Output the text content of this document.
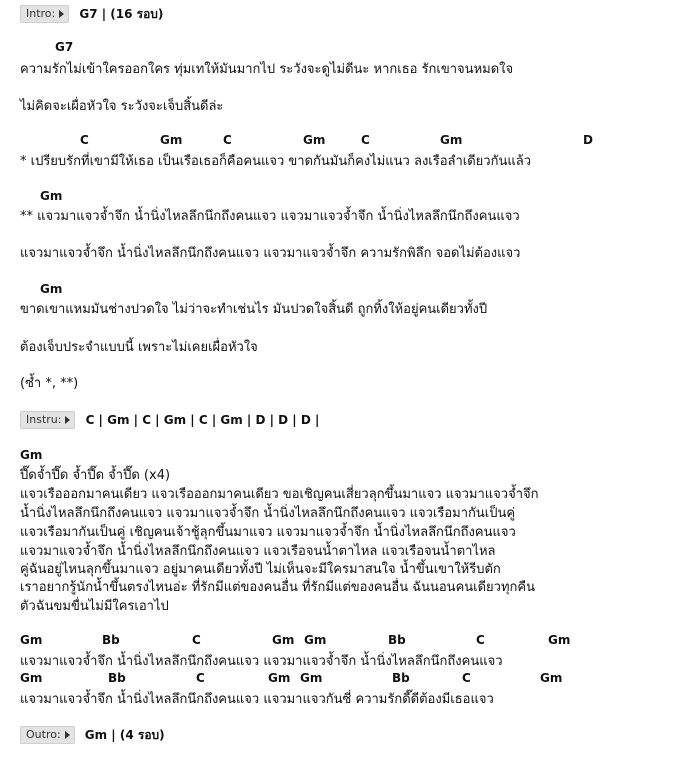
Intro: G7 | (16 รอบ)
G7
ความรักไม่เข้าใครออกใคร ทุ่มเทให้มันมากไป ระวังจะดูไม่ดีนะ หากเธอ รักเขาจนหมดใจ
ไม่คิดจะเผื่อหัวใจ ระวังจะเจ็บสิ้นดีล่ะ
C	Gm	C	Gm	C	Gm	D
* เปรียบรักที่เขามีให้เธอ เป็นเรือเธอก็คือคนแจว ขาดกันมันก็คงไม่แนว ลงเรือลำเดียวกันแล้ว
Gm
** แจวมาแจวจ้ำจึก น้ำนิ่งไหลลึกนึกถึงคนแจว แจวมาแจวจ้ำจึก น้ำนิ่งไหลลึกนึกถึงคนแจว
แจวมาแจวจ้ำจึก น้ำนิ่งไหลลึกนึกถึงคนแจว แจวมาแจวจ้ำจึก ความรักพิลึก จอดไม่ต้องแจว
Gm
ขาดเขาแหมมันช่างปวดใจ ไม่ว่าจะทำเช่นไร มันปวดใจสิ้นดี ถูกทิ้งให้อยู่คนเดียวทั้งปี
ต้องเจ็บประจำแบบนี้ เพราะไม่เคยเผื่อหัวใจ
(ซ้ำ *, **)
Instru: C | Gm | C | Gm | C | Gm | D | D | D |
Gm
ปึ๊ดจ้ำปึ๊ด จ้ำปึ๊ด จ้ำปึ๊ด (x4)
แจวเรือออกมาคนเดียว แจวเรือออกมาคนเดียว ขอเชิญคนเสี่ยวลุกขึ้นมาแจว แจวมาแจวจ้ำจึก
น้ำนิ่งไหลลึกนึกถึงคนแจว แจวมาแจวจ้ำจึก น้ำนิ่งไหลลึกนึกถึงคนแจว แจวเรือมากันเป็นคู่
แจวเรือมากันเป็นคู่ เชิญคนเจ้าชู้ลุกขึ้นมาแจว แจวมาแจวจ้ำจึก น้ำนิ่งไหลลึกนึกถึงคนแจว
แจวมาแจวจ้ำจึก น้ำนิ่งไหลลึกนึกถึงคนแจว แจวเรือจนน้ำตาไหล แจวเรือจนน้ำตาไหล
คู่ฉันอยู่ไหนลุกขึ้นมาแจว อยู่มาคนเดียวทั้งปี ไม่เห็นจะมีใครมาสนใจ น้ำขึ้นเขาให้รีบตัก
เราอยากรู้นักน้ำขึ้นตรงไหนอ่ะ ที่รักมีแต่ของคนอื่น ที่รักมีแต่ของคนอื่น ฉันนอนคนเดียวทุกคืน
ตัวฉันขมขื่นไม่มีใครเอาไป
Gm	Bb	C	Gm Gm	Bb	C	Gm
แจวมาแจวจ้ำจึก น้ำนิ่งไหลลึกนึกถึงคนแจว แจวมาแจวจ้ำจึก น้ำนิ่งไหลลึกนึกถึงคนแจว
Gm	Bb	C	Gm Gm	Bb	C	Gm
แจวมาแจวจ้ำจึก น้ำนิ่งไหลลึกนึกถึงคนแจว แจวมาแจวกันซี่ ความรักดี๊ดีต้องมีเธอแจว
Outro: Gm | (4 รอบ)
